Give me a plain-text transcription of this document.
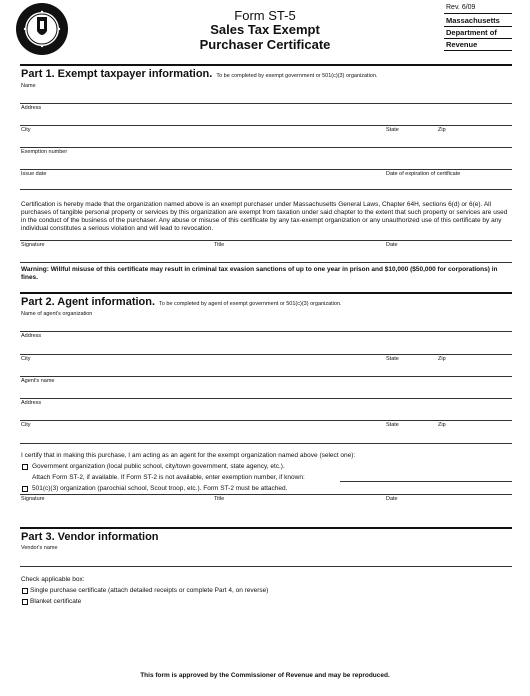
Form ST-5
Sales Tax Exempt
Purchaser Certificate
Rev. 6/09
Massachusetts
Department of
Revenue
Part 1. Exempt taxpayer information. To be completed by exempt government or 501(c)(3) organization.
Name
Address
City	State	Zip
Exemption number
Issue date	Date of expiration of certificate
Certification is hereby made that the organization named above is an exempt purchaser under Massachusetts General Laws, Chapter 64H, sections 6(d) or 6(e). All purchases of tangible personal property or services by this organization are exempt from taxation under said chapter to the extent that such property or services are used in the conduct of the business of the purchaser. Any abuse or misuse of this certificate by any tax-exempt organization or any unauthorized use of this certificate by any individual constitutes a serious violation and will lead to revocation.
Signature	Title	Date
Warning: Willful misuse of this certificate may result in criminal tax evasion sanctions of up to one year in prison and $10,000 ($50,000 for corporations) in fines.
Part 2. Agent information. To be completed by agent of exempt government or 501(c)(3) organization.
Name of agent's organization
Address
City	State	Zip
Agent's name
Address
City	State	Zip
I certify that in making this purchase, I am acting as an agent for the exempt organization named above (select one):
Government organization (local public school, city/town government, state agency, etc.).
Attach Form ST-2, if available. If Form ST-2 is not available, enter exemption number, if known:
501(c)(3) organization (parochial school, Scout troop, etc.). Form ST-2 must be attached.
Signature	Title	Date
Part 3. Vendor information
Vendor's name
Check applicable box:
Single purchase certificate (attach detailed receipts or complete Part 4, on reverse)
Blanket certificate
This form is approved by the Commissioner of Revenue and may be reproduced.
